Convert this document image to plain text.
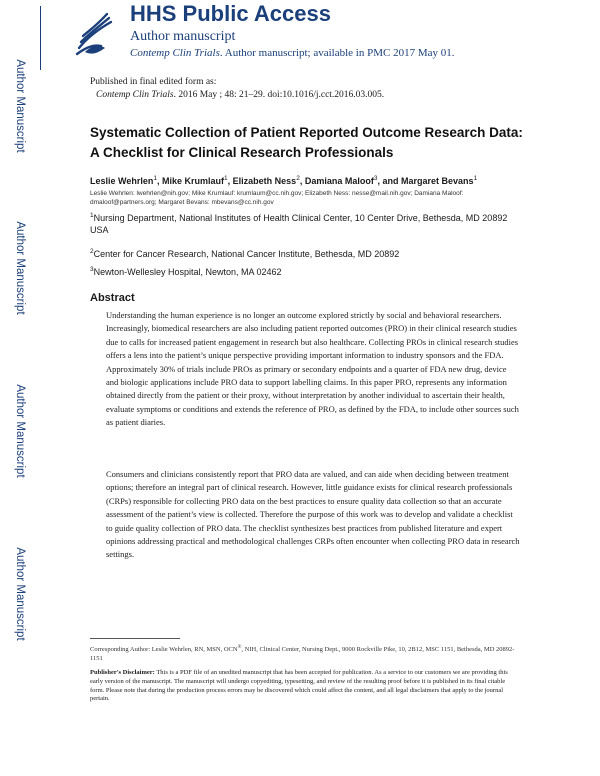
Author Manuscript
Author Manuscript
Author Manuscript
Author Manuscript
HHS Public Access
Author manuscript
Contemp Clin Trials. Author manuscript; available in PMC 2017 May 01.
Published in final edited form as:
Contemp Clin Trials. 2016 May ; 48: 21–29. doi:10.1016/j.cct.2016.03.005.
Systematic Collection of Patient Reported Outcome Research Data: A Checklist for Clinical Research Professionals
Leslie Wehrlen$^1$, Mike Krumlauf$^1$, Elizabeth Ness$^2$, Damiana Maloof$^3$, and Margaret Bevans$^1$
Leslie Wehrlen: lwehrlen@nih.gov; Mike Krumlauf: krumlaum@cc.nih.gov; Elizabeth Ness: nesse@mail.nih.gov; Damiana Maloof: dmaloof@partners.org; Margaret Bevans: mbevans@cc.nih.gov
$^1$Nursing Department, National Institutes of Health Clinical Center, 10 Center Drive, Bethesda, MD 20892 USA
$^2$Center for Cancer Research, National Cancer Institute, Bethesda, MD 20892
$^3$Newton-Wellesley Hospital, Newton, MA 02462
Abstract
Understanding the human experience is no longer an outcome explored strictly by social and behavioral researchers. Increasingly, biomedical researchers are also including patient reported outcomes (PRO) in their clinical research studies due to calls for increased patient engagement in research but also healthcare. Collecting PROs in clinical research studies offers a lens into the patient’s unique perspective providing important information to industry sponsors and the FDA. Approximately 30% of trials include PROs as primary or secondary endpoints and a quarter of FDA new drug, device and biologic applications include PRO data to support labelling claims. In this paper PRO, represents any information obtained directly from the patient or their proxy, without interpretation by another individual to ascertain their health, evaluate symptoms or conditions and extends the reference of PRO, as defined by the FDA, to include other sources such as patient diaries.
Consumers and clinicians consistently report that PRO data are valued, and can aide when deciding between treatment options; therefore an integral part of clinical research. However, little guidance exists for clinical research professionals (CRPs) responsible for collecting PRO data on the best practices to ensure quality data collection so that an accurate assessment of the patient’s view is collected. Therefore the purpose of this work was to develop and validate a checklist to guide quality collection of PRO data. The checklist synthesizes best practices from published literature and expert opinions addressing practical and methodological challenges CRPs often encounter when collecting PRO data in research settings.
Corresponding Author: Leslie Wehrlen, RN, MSN, OCN®, NIH, Clinical Center, Nursing Dept., 9000 Rockville Pike, 10, 2B12, MSC 1151, Bethesda, MD 20892-1151
Publisher's Disclaimer: This is a PDF file of an unedited manuscript that has been accepted for publication. As a service to our customers we are providing this early version of the manuscript. The manuscript will undergo copyediting, typesetting, and review of the resulting proof before it is published in its final citable form. Please note that during the production process errors may be discovered which could affect the content, and all legal disclaimers that apply to the journal pertain.
